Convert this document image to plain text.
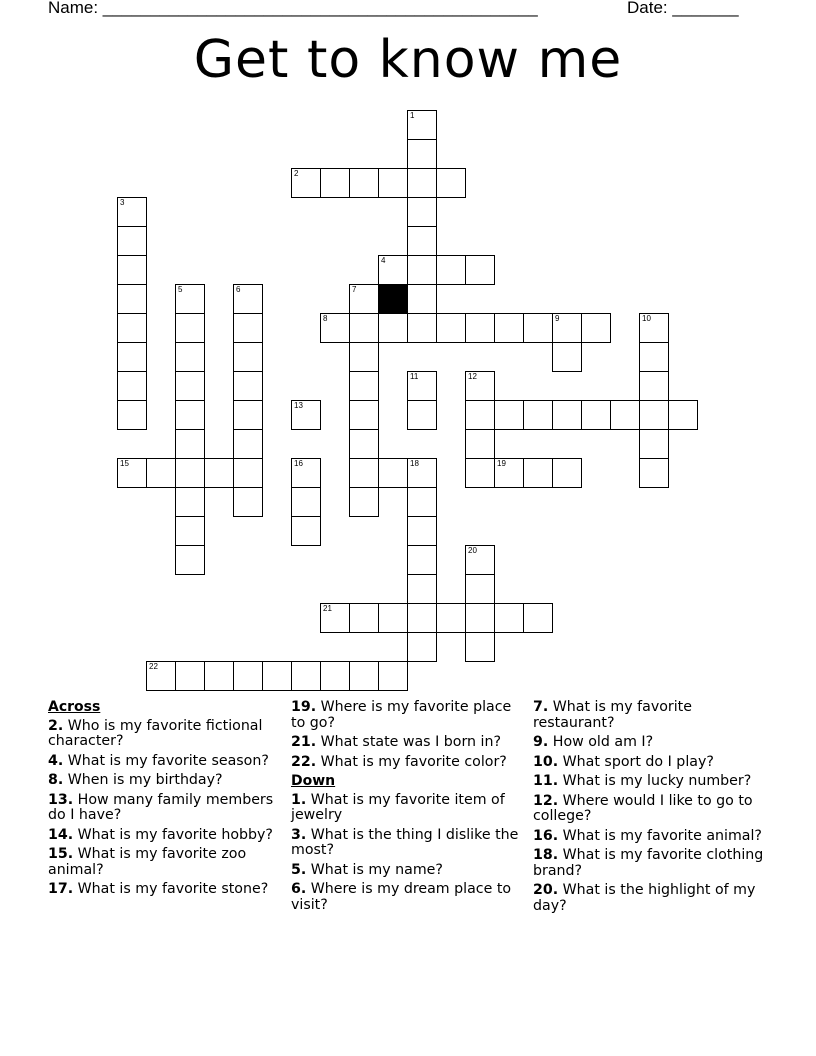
Name: ______________________________________________	Date: _______
Get to know me
1
2
3
4
5	6	7
8	9	10
11	12
13
15	16	18	19
20
21
22
Across
2. Who is my favorite fictional character?
4. What is my favorite season?
8. When is my birthday?
13. How many family members do I have?
14. What is my favorite hobby?
15. What is my favorite zoo animal?
17. What is my favorite stone?
19. Where is my favorite place to go?
21. What state was I born in?
22. What is my favorite color?
Down
1. What is my favorite item of jewelry
3. What is the thing I dislike the most?
5. What is my name?
6. Where is my dream place to visit?
7. What is my favorite restaurant?
9. How old am I?
10. What sport do I play?
11. What is my lucky number?
12. Where would I like to go to college?
16. What is my favorite animal?
18. What is my favorite clothing brand?
20. What is the highlight of my day?
